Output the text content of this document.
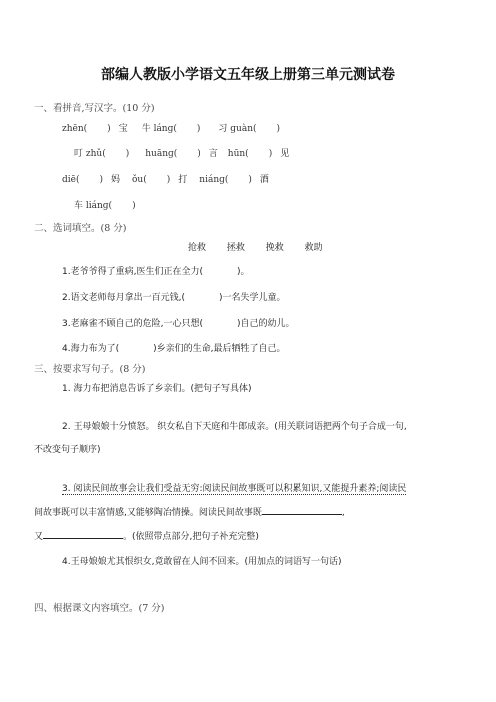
部编人教版小学语文五年级上册第三单元测试卷
一、看拼音,写汉字。(10 分)
zhēn( ) 宝 牛 lánɡ( ) 习 ɡuàn( )
叮 zhǔ( ) huānɡ( ) 言 hūn( ) 见
diē( ) 妈 ǒu( ) 打 niánɡ( ) 酒
车 liánɡ( )
二、选词填空。(8 分)
抢救 拯救 挽救 救助
1.老爷爷得了重病,医生们正在全力(	)。
2.语文老师每月拿出一百元钱,(	)一名失学儿童。
3.老麻雀不顾自己的危险,一心只想(	)自己的幼儿。
4.海力布为了(	)乡亲们的生命,最后牺牲了自己。
三、按要求写句子。(8 分)
1. 海力布把消息告诉了乡亲们。(把句子写具体)
2. 王母娘娘十分愤怒。 织女私自下天庭和牛郎成亲。(用关联词语把两个句子合成一句,
不改变句子顺序)
3. 阅读民间故事会让我们受益无穷:阅读民间故事既可以积累知识,又能提升素养;阅读民
间故事既可以丰富情感,又能够陶冶情操。阅读民间故事既	,
又	。(依照带点部分,把句子补充完整)
4.王母娘娘尤其恨织女,竟敢留在人间不回来。(用加点的词语写一句话)
四、根据课文内容填空。(7 分)
